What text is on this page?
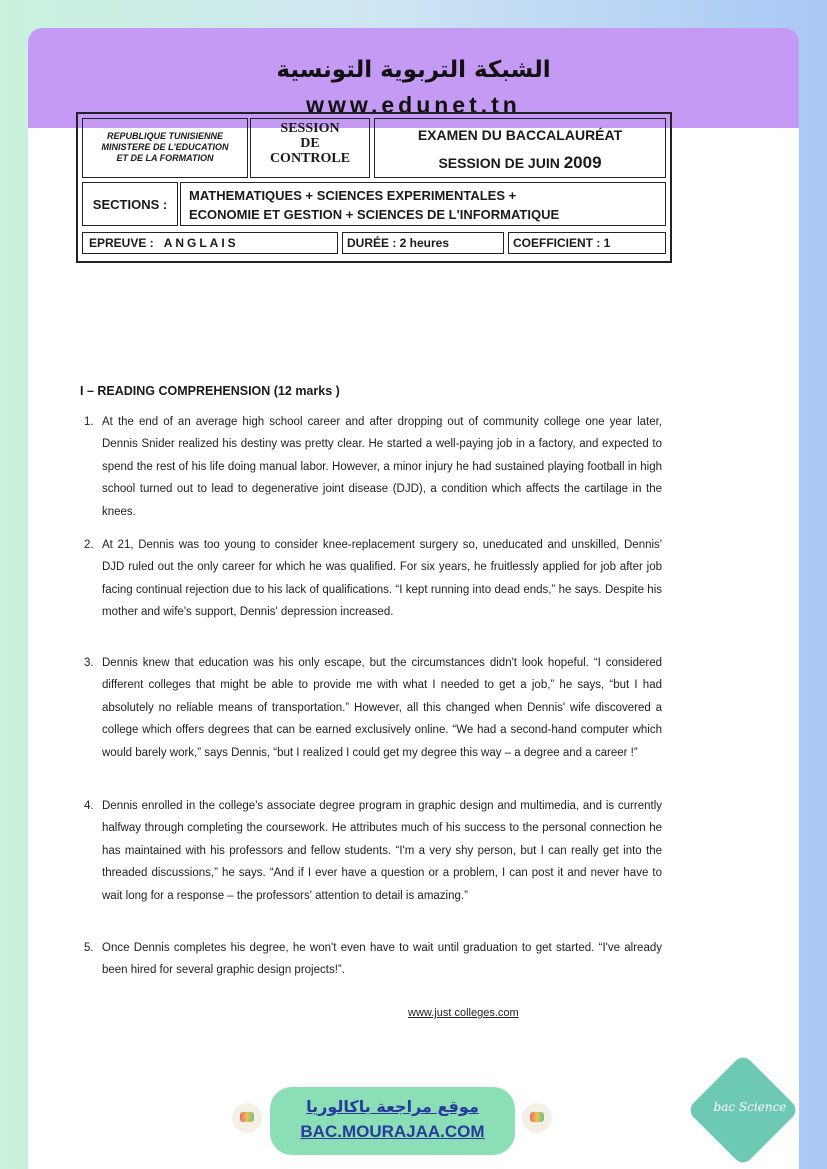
الشبكة التربوية التونسية
www.edunet.tn
REPUBLIQUE TUNISIENNE
MINISTERE DE L'EDUCATION
ET DE LA FORMATION
SESSION
DE
CONTROLE
EXAMEN DU BACCALAURÉAT
SESSION DE JUIN 2009
SECTIONS :
MATHEMATIQUES + SCIENCES EXPERIMENTALES +
ECONOMIE ET GESTION + SCIENCES DE L'INFORMATIQUE
EPREUVE : ANGLAIS	DURÉE : 2 heures	COEFFICIENT : 1
I – READING COMPREHENSION (12 marks )
1. At the end of an average high school career and after dropping out of community college one year later, Dennis Snider realized his destiny was pretty clear. He started a well-paying job in a factory, and expected to spend the rest of his life doing manual labor. However, a minor injury he had sustained playing football in high school turned out to lead to degenerative joint disease (DJD), a condition which affects the cartilage in the knees.

2. At 21, Dennis was too young to consider knee-replacement surgery so, uneducated and unskilled, Dennis' DJD ruled out the only career for which he was qualified. For six years, he fruitlessly applied for job after job facing continual rejection due to his lack of qualifications. “I kept running into dead ends,” he says. Despite his mother and wife's support, Dennis' depression increased.

3. Dennis knew that education was his only escape, but the circumstances didn't look hopeful. “I considered different colleges that might be able to provide me with what I needed to get a job,” he says, “but I had absolutely no reliable means of transportation.” However, all this changed when Dennis' wife discovered a college which offers degrees that can be earned exclusively online. “We had a second-hand computer which would barely work,” says Dennis, “but I realized I could get my degree this way – a degree and a career !”

4. Dennis enrolled in the college's associate degree program in graphic design and multimedia, and is currently halfway through completing the coursework. He attributes much of his success to the personal connection he has maintained with his professors and fellow students. “I'm a very shy person, but I can really get into the threaded discussions,” he says. “And if I ever have a question or a problem, I can post it and never have to wait long for a response – the professors' attention to detail is amazing.”

5. Once Dennis completes his degree, he won't even have to wait until graduation to get started. “I've already been hired for several graphic design projects!”.

www.just colleges.com
موقع مراجعة باكالوريا
BAC.MOURAJAA.COM
bac Science
